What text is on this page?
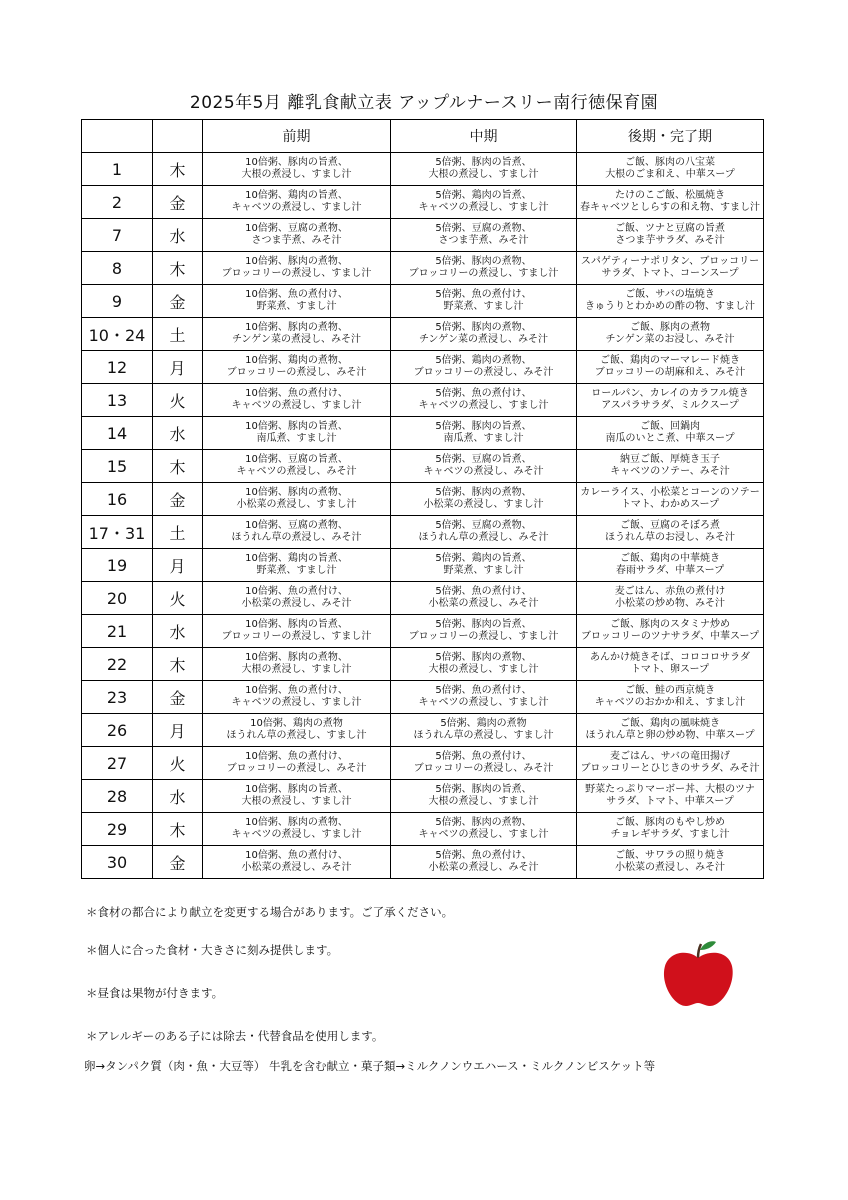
2025年5月 離乳食献立表 アップルナースリー南行徳保育園
		前期	中期	後期・完了期
1	木	10倍粥、豚肉の旨煮、
大根の煮浸し、すまし汁	5倍粥、豚肉の旨煮、
大根の煮浸し、すまし汁	ご飯、豚肉の八宝菜
大根のごま和え、中華スープ

2	金	10倍粥、鶏肉の旨煮、
キャベツの煮浸し、すまし汁	5倍粥、鶏肉の旨煮、
キャベツの煮浸し、すまし汁	たけのこご飯、松風焼き
春キャベツとしらすの和え物、すまし汁

7	水	10倍粥、豆腐の煮物、
さつま芋煮、みそ汁	5倍粥、豆腐の煮物、
さつま芋煮、みそ汁	ご飯、ツナと豆腐の旨煮
さつま芋サラダ、みそ汁

8	木	10倍粥、豚肉の煮物、
ブロッコリーの煮浸し、すまし汁	5倍粥、豚肉の煮物、
ブロッコリーの煮浸し、すまし汁	スパゲティーナポリタン、ブロッコリー
サラダ、トマト、コーンスープ

9	金	10倍粥、魚の煮付け、
野菜煮、すまし汁	5倍粥、魚の煮付け、
野菜煮、すまし汁	ご飯、サバの塩焼き
きゅうりとわかめの酢の物、すまし汁

10・24	土	10倍粥、豚肉の煮物、
チンゲン菜の煮浸し、みそ汁	5倍粥、豚肉の煮物、
チンゲン菜の煮浸し、みそ汁	ご飯、豚肉の煮物
チンゲン菜のお浸し、みそ汁

12	月	10倍粥、鶏肉の煮物、
ブロッコリーの煮浸し、みそ汁	5倍粥、鶏肉の煮物、
ブロッコリーの煮浸し、みそ汁	ご飯、鶏肉のマーマレード焼き
ブロッコリーの胡麻和え、みそ汁

13	火	10倍粥、魚の煮付け、
キャベツの煮浸し、すまし汁	5倍粥、魚の煮付け、
キャベツの煮浸し、すまし汁	ロールパン、カレイのカラフル焼き
アスパラサラダ、ミルクスープ

14	水	10倍粥、豚肉の旨煮、
南瓜煮、すまし汁	5倍粥、豚肉の旨煮、
南瓜煮、すまし汁	ご飯、回鍋肉
南瓜のいとこ煮、中華スープ

15	木	10倍粥、豆腐の旨煮、
キャベツの煮浸し、みそ汁	5倍粥、豆腐の旨煮、
キャベツの煮浸し、みそ汁	納豆ご飯、厚焼き玉子
キャベツのソテー、みそ汁

16	金	10倍粥、豚肉の煮物、
小松菜の煮浸し、すまし汁	5倍粥、豚肉の煮物、
小松菜の煮浸し、すまし汁	カレーライス、小松菜とコーンのソテー
トマト、わかめスープ

17・31	土	10倍粥、豆腐の煮物、
ほうれん草の煮浸し、みそ汁	5倍粥、豆腐の煮物、
ほうれん草の煮浸し、みそ汁	ご飯、豆腐のそぼろ煮
ほうれん草のお浸し、みそ汁

19	月	10倍粥、鶏肉の旨煮、
野菜煮、すまし汁	5倍粥、鶏肉の旨煮、
野菜煮、すまし汁	ご飯、鶏肉の中華焼き
春雨サラダ、中華スープ

20	火	10倍粥、魚の煮付け、
小松菜の煮浸し、みそ汁	5倍粥、魚の煮付け、
小松菜の煮浸し、みそ汁	麦ごはん、赤魚の煮付け
小松菜の炒め物、みそ汁

21	水	10倍粥、豚肉の旨煮、
ブロッコリーの煮浸し、すまし汁	5倍粥、豚肉の旨煮、
ブロッコリーの煮浸し、すまし汁	ご飯、豚肉のスタミナ炒め
ブロッコリーのツナサラダ、中華スープ

22	木	10倍粥、豚肉の煮物、
大根の煮浸し、すまし汁	5倍粥、豚肉の煮物、
大根の煮浸し、すまし汁	あんかけ焼きそば、コロコロサラダ
トマト、卵スープ

23	金	10倍粥、魚の煮付け、
キャベツの煮浸し、すまし汁	5倍粥、魚の煮付け、
キャベツの煮浸し、すまし汁	ご飯、鮭の西京焼き
キャベツのおかか和え、すまし汁

26	月	10倍粥、鶏肉の煮物
ほうれん草の煮浸し、すまし汁	5倍粥、鶏肉の煮物
ほうれん草の煮浸し、すまし汁	ご飯、鶏肉の風味焼き
ほうれん草と卵の炒め物、中華スープ

27	火	10倍粥、魚の煮付け、
ブロッコリーの煮浸し、みそ汁	5倍粥、魚の煮付け、
ブロッコリーの煮浸し、みそ汁	麦ごはん、サバの竜田揚げ
ブロッコリーとひじきのサラダ、みそ汁

28	水	10倍粥、豚肉の旨煮、
大根の煮浸し、すまし汁	5倍粥、豚肉の旨煮、
大根の煮浸し、すまし汁	野菜たっぷりマーボー丼、大根のツナ
サラダ、トマト、中華スープ

29	木	10倍粥、豚肉の煮物、
キャベツの煮浸し、すまし汁	5倍粥、豚肉の煮物、
キャベツの煮浸し、すまし汁	ご飯、豚肉のもやし炒め
チョレギサラダ、すまし汁

30	金	10倍粥、魚の煮付け、
小松菜の煮浸し、みそ汁	5倍粥、魚の煮付け、
小松菜の煮浸し、みそ汁	ご飯、サワラの照り焼き
小松菜の煮浸し、みそ汁
＊食材の都合により献立を変更する場合があります。ご了承ください。
＊個人に合った食材・大きさに刻み提供します。
＊昼食は果物が付きます。
＊アレルギーのある子には除去・代替食品を使用します。
卵→タンパク質（肉・魚・大豆等） 牛乳を含む献立・菓子類→ミルクノンウエハース・ミルクノンビスケット等
